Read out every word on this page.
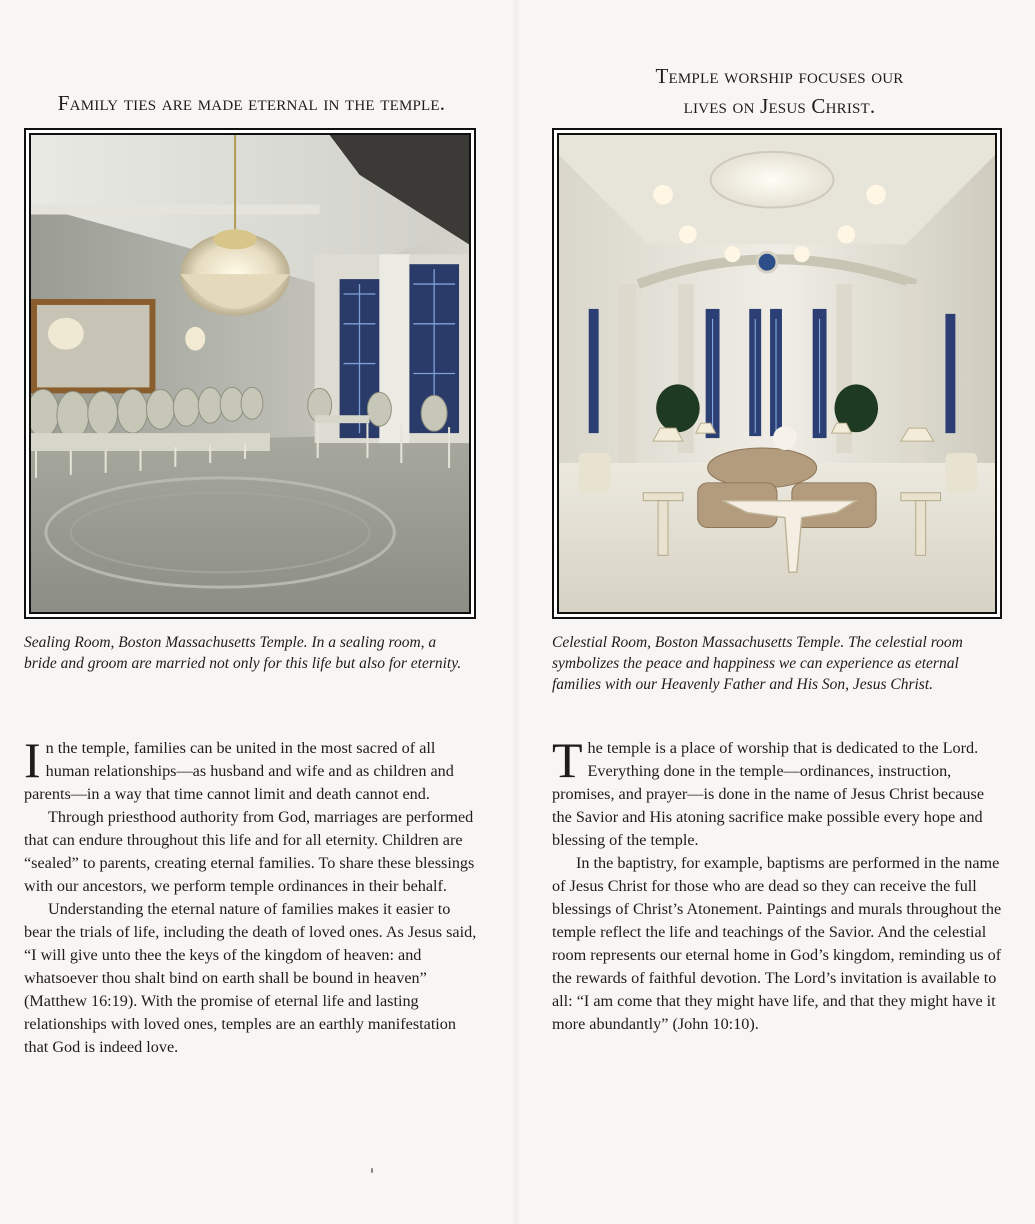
Family ties are made eternal in the temple.

Sealing Room, Boston Massachusetts Temple. In a sealing room, a

bride and groom are married not only for this life but also for eternity.

In the temple, families can be united in the most sacred of all human relationships—as husband and wife and as children and parents—in a way that time cannot limit and death cannot end.

Through priesthood authority from God, marriages are performed that can endure throughout this life and for all eternity. Children are “sealed” to parents, creating eternal families. To share these blessings with our ancestors, we perform temple ordinances in their behalf.

Understanding the eternal nature of families makes it easier to bear the trials of life, including the death of loved ones. As Jesus said, “I will give unto thee the keys of the kingdom of heaven: and whatsoever thou shalt bind on earth shall be bound in heaven” (Matthew 16:19). With the promise of eternal life and lasting relationships with loved ones, temples are an earthly manifestation that God is indeed love.

Temple worship focuses our
lives on Jesus Christ.

Celestial Room, Boston Massachusetts Temple. The celestial room

symbolizes the peace and happiness we can experience as eternal

families with our Heavenly Father and His Son, Jesus Christ.

The temple is a place of worship that is dedicated to the Lord. Everything done in the temple—ordinances, instruction, promises, and prayer—is done in the name of Jesus Christ because the Savior and His atoning sacrifice make possible every hope and blessing of the temple.

In the baptistry, for example, baptisms are performed in the name of Jesus Christ for those who are dead so they can receive the full blessings of Christ’s Atonement. Paintings and murals throughout the temple reflect the life and teachings of the Savior. And the celestial room represents our eternal home in God’s kingdom, reminding us of the rewards of faithful devotion. The Lord’s invitation is available to all: “I am come that they might have life, and that they might have it more abundantly” (John 10:10).
